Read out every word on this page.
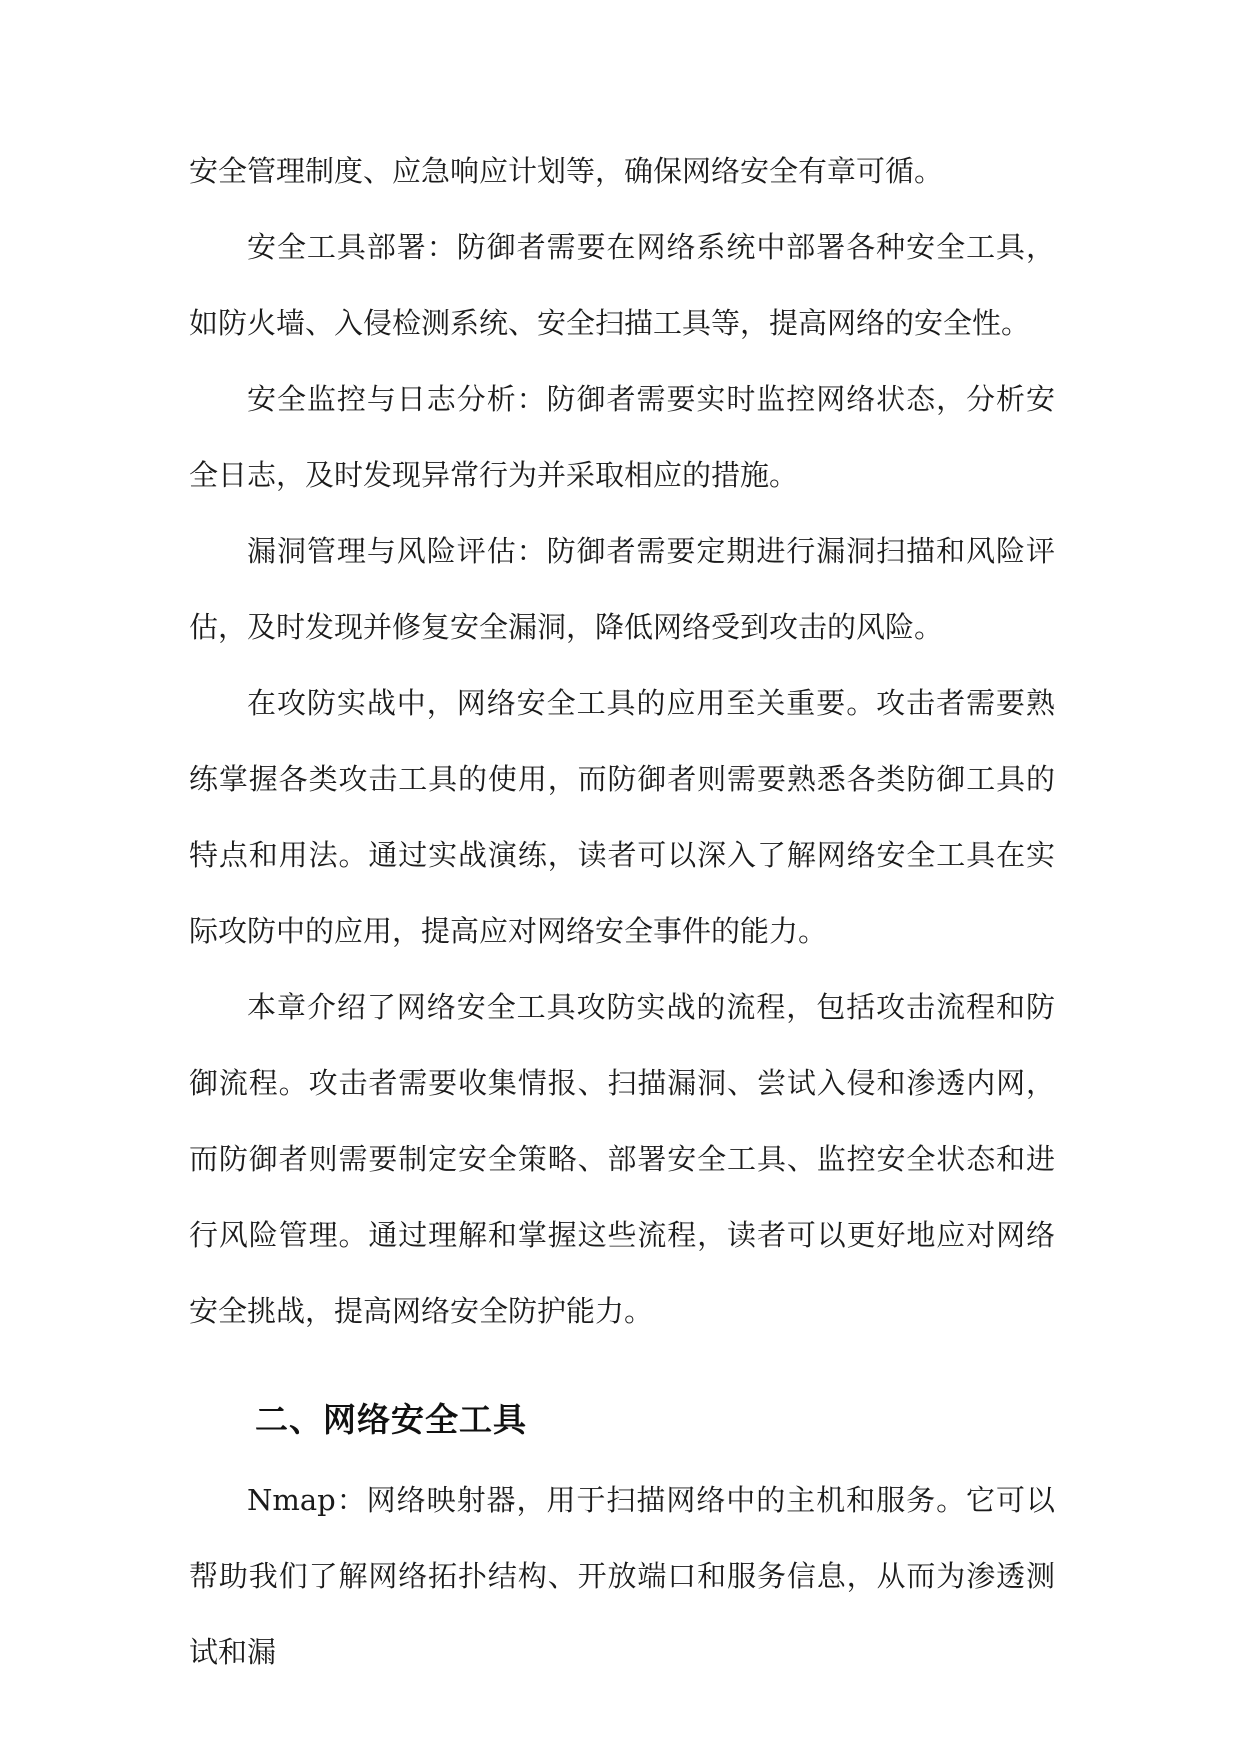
安全管理制度、应急响应计划等，确保网络安全有章可循。

安全工具部署：防御者需要在网络系统中部署各种安全工具，如防火墙、入侵检测系统、安全扫描工具等，提高网络的安全性。

安全监控与日志分析：防御者需要实时监控网络状态，分析安全日志，及时发现异常行为并采取相应的措施。

漏洞管理与风险评估：防御者需要定期进行漏洞扫描和风险评估，及时发现并修复安全漏洞，降低网络受到攻击的风险。

在攻防实战中，网络安全工具的应用至关重要。攻击者需要熟练掌握各类攻击工具的使用，而防御者则需要熟悉各类防御工具的特点和用法。通过实战演练，读者可以深入了解网络安全工具在实际攻防中的应用，提高应对网络安全事件的能力。

本章介绍了网络安全工具攻防实战的流程，包括攻击流程和防御流程。攻击者需要收集情报、扫描漏洞、尝试入侵和渗透内网，而防御者则需要制定安全策略、部署安全工具、监控安全状态和进行风险管理。通过理解和掌握这些流程，读者可以更好地应对网络安全挑战，提高网络安全防护能力。

二、网络安全工具

Nmap：网络映射器，用于扫描网络中的主机和服务。它可以帮助我们了解网络拓扑结构、开放端口和服务信息，从而为渗透测试和漏
